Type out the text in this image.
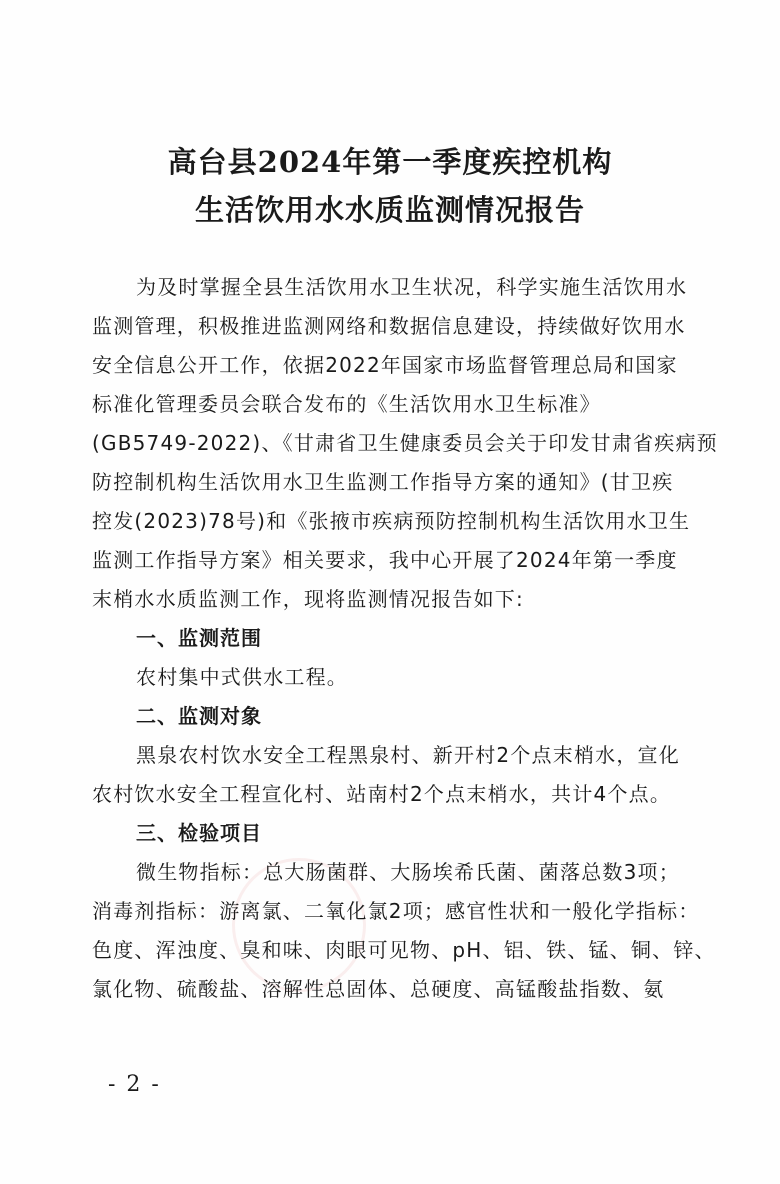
高台县2024年第一季度疾控机构
生活饮用水水质监测情况报告
为及时掌握全县生活饮用水卫生状况，科学实施生活饮用水
监测管理，积极推进监测网络和数据信息建设，持续做好饮用水
安全信息公开工作，依据2022年国家市场监督管理总局和国家
标准化管理委员会联合发布的《生活饮用水卫生标准》
(GB5749-2022)、《甘肃省卫生健康委员会关于印发甘肃省疾病预
防控制机构生活饮用水卫生监测工作指导方案的通知》(甘卫疾
控发(2023)78号)和《张掖市疾病预防控制机构生活饮用水卫生
监测工作指导方案》相关要求，我中心开展了2024年第一季度
末梢水水质监测工作，现将监测情况报告如下:
一、监测范围
农村集中式供水工程。
二、监测对象
黑泉农村饮水安全工程黑泉村、新开村2个点末梢水，宣化
农村饮水安全工程宣化村、站南村2个点末梢水，共计4个点。
三、检验项目
微生物指标：总大肠菌群、大肠埃希氏菌、菌落总数3项；
消毒剂指标：游离氯、二氧化氯2项；感官性状和一般化学指标：
色度、浑浊度、臭和味、肉眼可见物、pH、铝、铁、锰、铜、锌、
氯化物、硫酸盐、溶解性总固体、总硬度、高锰酸盐指数、氨
- 2 -
